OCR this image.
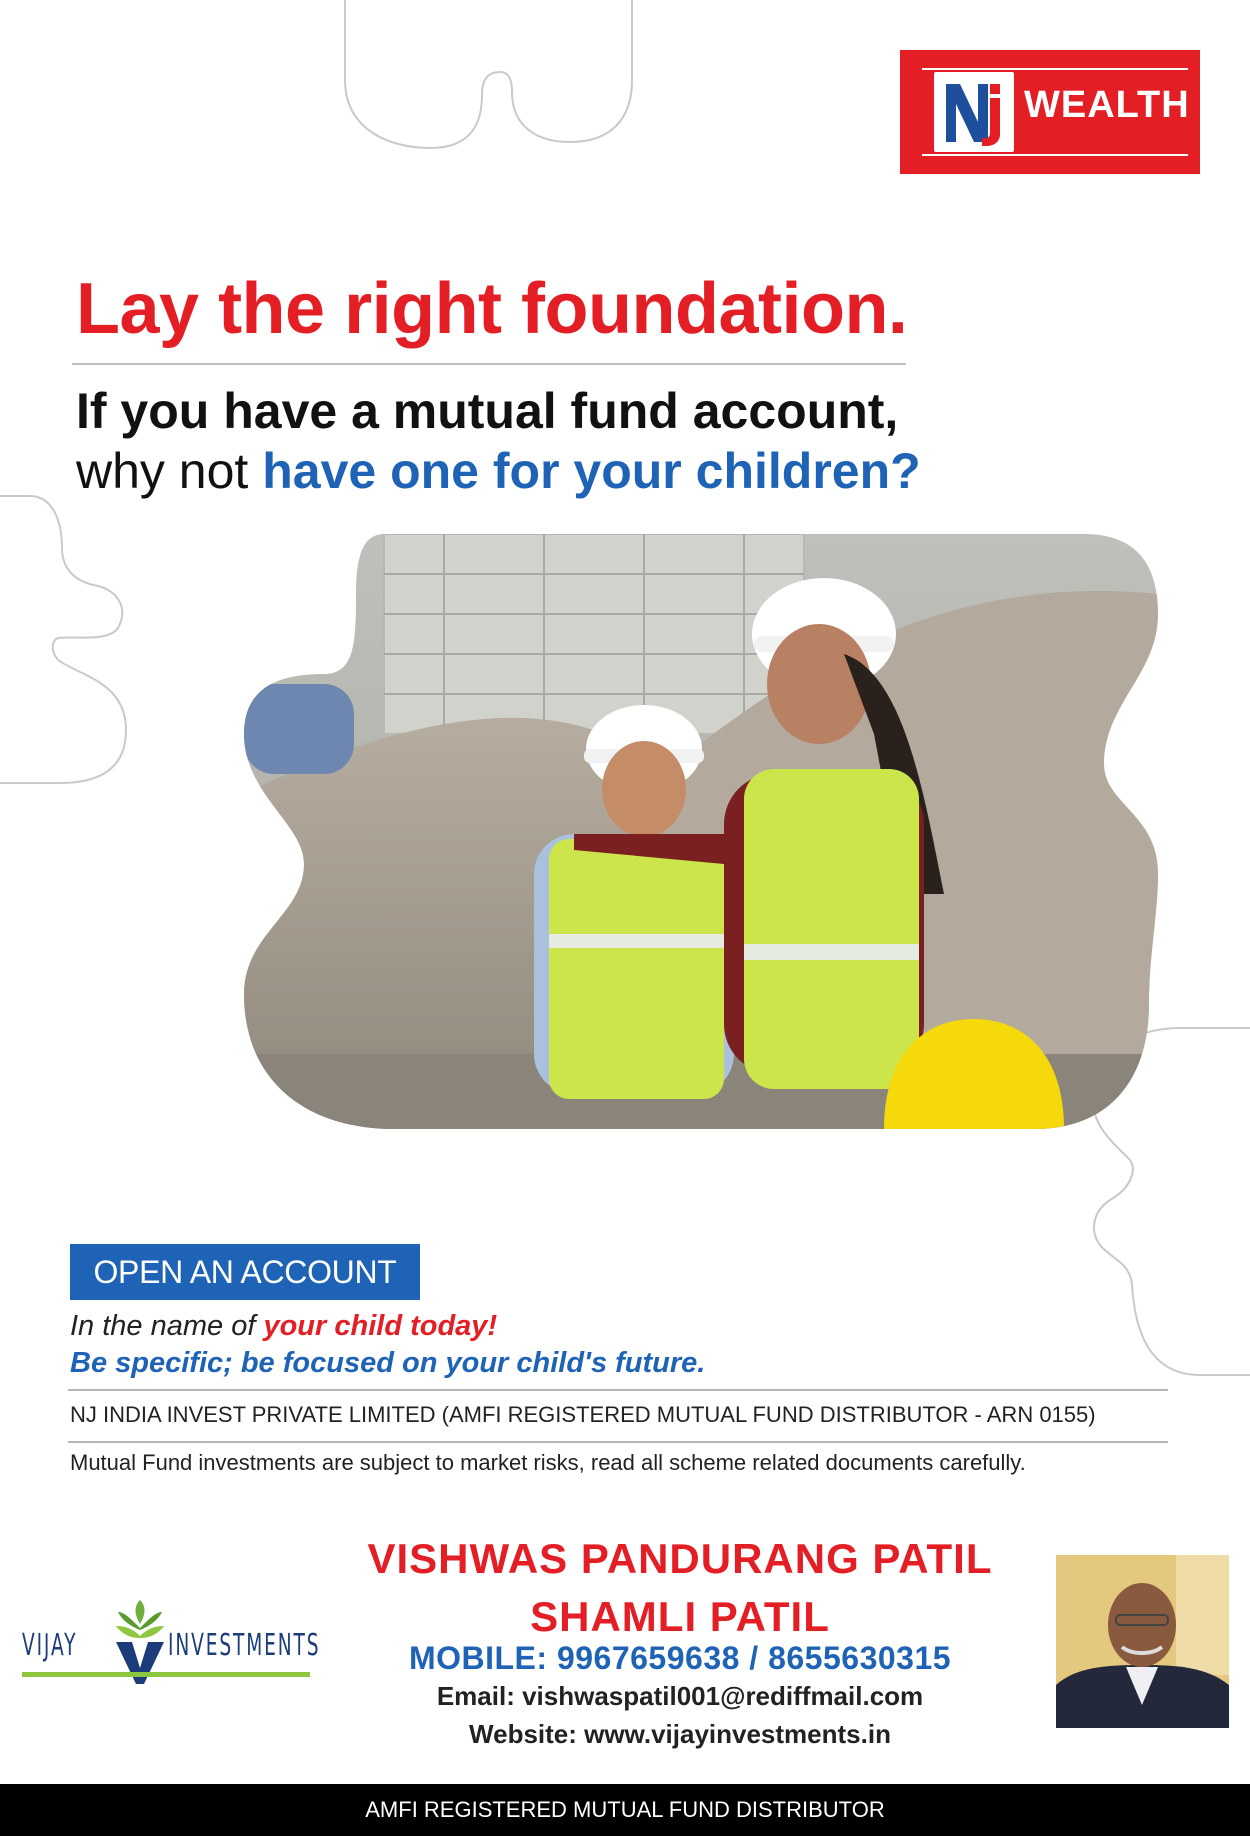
WEALTH
Lay the right foundation.
If you have a mutual fund account,
why not have one for your children?
OPEN AN ACCOUNT
In the name of your child today!
Be specific; be focused on your child's future.
NJ INDIA INVEST PRIVATE LIMITED (AMFI REGISTERED MUTUAL FUND DISTRIBUTOR - ARN 0155)
Mutual Fund investments are subject to market risks, read all scheme related documents carefully.
VIJAY	INVESTMENTS
VISHWAS PANDURANG PATIL
SHAMLI PATIL
MOBILE: 9967659638 / 8655630315
Email: vishwaspatil001@rediffmail.com
Website: www.vijayinvestments.in
AMFI REGISTERED MUTUAL FUND DISTRIBUTOR
